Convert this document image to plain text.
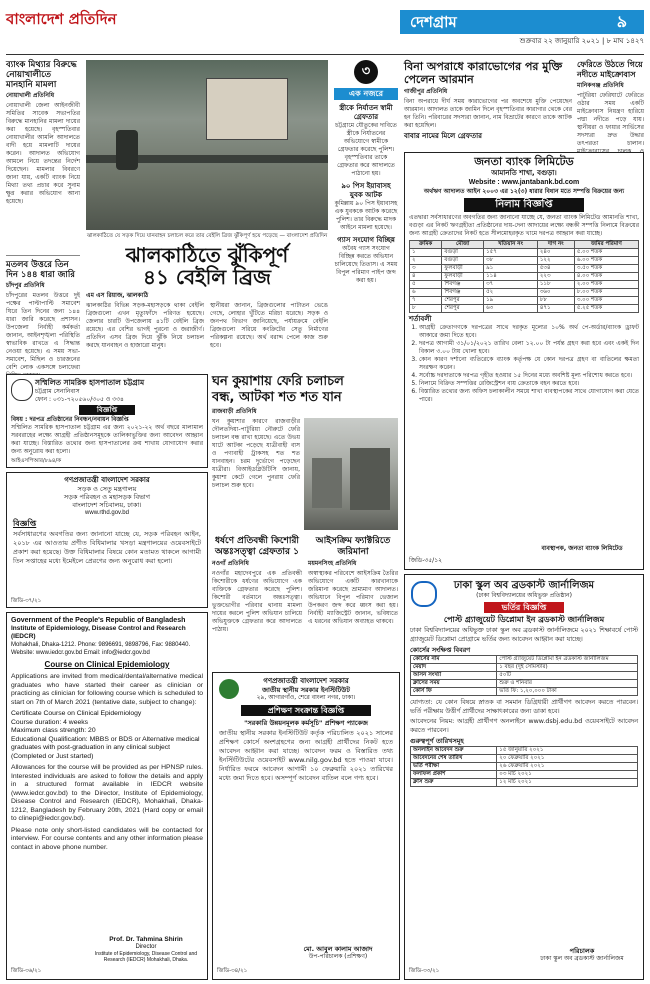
বাংলাদেশ প্রতিদিন	দেশগ্রাম	৯
শুক্রবার ২২ জানুয়ারি ২০২১ | ৮ মাঘ ১৪২৭
ব্যাংক মিথ্যার বিরুদ্ধে নোয়াখালীতে মানহানি মামলা
নোয়াখালী প্রতিনিধি
নোয়াখালী জেলা আইনজীবী সমিতির সাবেক সভাপতির বিরুদ্ধে মানহানির মামলা দায়ের করা হয়েছে। বৃহস্পতিবার নোয়াখালীর আমলি আদালতে বাদী হয়ে মামলাটি দায়ের করেন। আদালত অভিযোগ আমলে নিয়ে তদন্তের নির্দেশ দিয়েছেন। মামলার বিবরণে জানা যায়, একটি ব্যাংক নিয়ে মিথ্যা তথ্য প্রচার করে সুনাম ক্ষুণ্ণ করার অভিযোগ আনা হয়েছে।
মতলব উত্তরে তিন দিন ১৪৪ ধারা জারি
চাঁদপুর প্রতিনিধি
চাঁদপুরের মতলব উত্তরে দুই পক্ষের পাল্টাপাল্টি সমাবেশ ঘিরে তিন দিনের জন্য ১৪৪ ধারা জারি করেছে প্রশাসন। উপজেলা নির্বাহী কর্মকর্তা জানান, আইনশৃঙ্খলা পরিস্থিতি স্বাভাবিক রাখতে এ সিদ্ধান্ত নেওয়া হয়েছে। এ সময় সভা-সমাবেশ, মিছিল ও চারজনের বেশি লোক একসঙ্গে চলাফেরা
ঝালকাঠিতে যে সড়ক দিয়ে যানবাহন চলাচল করে তার বেইলি ব্রিজ ঝুঁকিপূর্ণ হয়ে পড়েছে — বাংলাদেশ প্রতিদিন
ঝালকাঠিতে ঝুঁকিপূর্ণ
৪১ বেইলি ব্রিজ
এম এস রিয়াজ, ঝালকাঠি
ঝালকাঠির বিভিন্ন সড়ক-মহাসড়কে থাকা বেইলি ব্রিজগুলো এখন মৃত্যুফাঁদে পরিণত হয়েছে। জেলার চারটি উপজেলায় ৪১টি বেইলি ব্রিজ রয়েছে। এর বেশির ভাগই পুরনো ও জরাজীর্ণ। প্রতিদিন এসব ব্রিজ দিয়ে ঝুঁকি নিয়ে চলাচল করছে যানবাহন ও হাজারো মানুষ।
স্থানীয়রা জানান, ব্রিজগুলোর পাটাতন ভেঙে গেছে, লোহার খুঁটিতে মরিচা ধরেছে। সড়ক ও জনপথ বিভাগ জানিয়েছে, পর্যায়ক্রমে বেইলি ব্রিজগুলো সরিয়ে কংক্রিটের সেতু নির্মাণের পরিকল্পনা রয়েছে। অর্থ বরাদ্দ পেলে কাজ শুরু হবে।
৩
এক নজরে
স্ত্রীকে নির্যাতন স্বামী গ্রেফতার
চট্টগ্রামে যৌতুকের দাবিতে স্ত্রীকে নির্যাতনের অভিযোগে স্বামীকে গ্রেফতার করেছে পুলিশ। বৃহস্পতিবার তাকে গ্রেফতার করে আদালতে পাঠানো হয়।
৯০ পিস ইয়াবাসহ যুবক আটক
কুমিল্লায় ৯০ পিস ইয়াবাসহ এক যুবককে আটক করেছে পুলিশ। তার বিরুদ্ধে মাদক আইনে মামলা হয়েছে।
গ্যাস সংযোগ বিচ্ছিন্ন
অবৈধ গ্যাস সংযোগ বিচ্ছিন্ন করতে অভিযান চালিয়েছে তিতাস। এ সময় বিপুল পরিমাণ পাইপ জব্দ করা হয়।
বিনা অপরাধে কারাভোগের পর মুক্তি পেলেন আরমান
গাজীপুর প্রতিনিধি
বিনা অপরাধে দীর্ঘ সময় কারাভোগের পর অবশেষে মুক্তি পেয়েছেন আরমান। আদালত তাকে জামিন দিলে বৃহস্পতিবার কারাগার থেকে বের হন তিনি। পরিবারের সদস্যরা জানান, নাম বিভ্রাটের কারণে তাকে আটক করা হয়েছিল।
বাবার নামের মিলে গ্রেফতার
ফেরিতে উঠতে গিয়ে নদীতে মাইক্রোবাস
মানিকগঞ্জ প্রতিনিধি
পাটুরিয়া ফেরিঘাটে ফেরিতে ওঠার সময় একটি মাইক্রোবাস নিয়ন্ত্রণ হারিয়ে পদ্মা নদীতে পড়ে যায়। স্থানীয়রা ও ফায়ার সার্ভিসের সদস্যরা দ্রুত উদ্ধার তৎপরতা চালান।
জনতা ব্যাংক লিমিটেড
আমানতি শাখা, বগুড়া।
Website : www.jantabank.bd.com
অর্থঋণ আদালত আইন ২০০৩ এর ১২(৩) ধারার বিধান মতে সম্পত্তি বিক্রয়ের জন্য
নিলাম বিজ্ঞপ্তি
এতদ্বারা সর্বসাধারণের অবগতির জন্য জানানো যাচ্ছে যে, জনতা ব্যাংক লিমিটেড আমানতি শাখা, বগুড়া এর নিকট ঋণগ্রহীতা প্রতিষ্ঠানের দায়-দেনা আদায়ের লক্ষ্যে বন্ধকী সম্পত্তি নিলামে বিক্রয়ের জন্য আগ্রহী ক্রেতাদের নিকট হতে সীলমোহরকৃত খামে দরপত্র আহ্বান করা যাচ্ছে।
ক্রমিক	মৌজা	খতিয়ান নং	দাগ নং	জমির পরিমাণ
১	বগুড়া	১৫৭	২৪০	৫.০০ শতক
২	বগুড়া	৩৮	১২২	৬.০০ শতক
৩	ফুলবাড়ী	৯১	৫৩৪	৩.৫০ শতক
৪	ফুলবাড়ী	১১৪	২২৩	৪.০০ শতক
৫	শিবগঞ্জ	৩৭	১১৮	২.০০ শতক
৬	শিবগঞ্জ	৫২	৩৬০	৮.০০ শতক
৭	শেরপুর	১৯	৮৮	৩.০০ শতক
৮	শেরপুর	৬৩	৪৭১	৫.২৫ শতক
শর্তাবলী
1. আগ্রহী ক্রেতাগণকে দরপত্রের সাথে দরকৃত মূল্যের ১০% অর্থ পে-অর্ডার/ব্যাংক ড্রাফট আকারে জমা দিতে হবে।
2. দরপত্র আগামী ৩১/০১/২০২১ তারিখ বেলা ১২.০০ টা পর্যন্ত গ্রহণ করা হবে এবং একই দিন বিকাল ৩.০০ টায় খোলা হবে।
3. কোন কারণ দর্শানো ব্যতিরেকে ব্যাংক কর্তৃপক্ষ যে কোন দরপত্র গ্রহণ বা বাতিলের ক্ষমতা সংরক্ষণ করেন।
4. সর্বোচ্চ দরদাতাকে দরপত্র গৃহীত হওয়ার ১৫ দিনের মধ্যে অবশিষ্ট মূল্য পরিশোধ করতে হবে।
5. নিলামে বিক্রিত সম্পত্তির রেজিস্ট্রেশন ব্যয় ক্রেতাকে বহন করতে হবে।
6. বিস্তারিত তথ্যের জন্য অফিস চলাকালীন সময়ে শাখা ব্যবস্থাপকের সাথে যোগাযোগ করা যেতে পারে।
ব্যবস্থাপক, জনতা ব্যাংক লিমিটেড
জিডি-৩৫/১২
সম্মিলিত সামরিক হাসপাতাল চট্টগ্রাম
চট্টগ্রাম সেনানিবাস
ফোন : ০৩১-৭২০৫৬০/৩০৫ ও ৩৩৪
বিজ্ঞপ্তি
বিষয় : দরপত্র প্রতিষ্ঠানের নিবন্ধন/নবায়ন বিজ্ঞপ্তি
সম্মিলিত সামরিক হাসপাতাল চট্টগ্রাম এর জন্য ২০২১-২২ অর্থ বছরে মালামাল সরবরাহের লক্ষ্যে আগ্রহী প্রতিষ্ঠানসমূহকে তালিকাভুক্তির জন্য আবেদন আহ্বান করা যাচ্ছে। বিস্তারিত তথ্যের জন্য হাসপাতালের ক্রয় শাখায় যোগাযোগ করার জন্য অনুরোধ করা হলো।
আইএসপিআর/৮৯৪/ক
ঘন কুয়াশায় ফেরি চলাচল
বন্ধ, আটকা শত শত যান
রাজবাড়ী প্রতিনিধি
ঘন কুয়াশার কারণে রাজবাড়ীর দৌলতদিয়া-পাটুরিয়া নৌরুটে ফেরি চলাচল বন্ধ রাখা হয়েছে। এতে উভয় ঘাটে আটকা পড়েছে যাত্রীবাহী বাস ও পণ্যবাহী ট্রাকসহ শত শত যানবাহন। চরম দুর্ভোগে পড়েছেন যাত্রীরা। বিআইডব্লিউটিসি জানায়, কুয়াশা কেটে গেলে পুনরায় ফেরি চলাচল শুরু হবে।
গণপ্রজাতন্ত্রী বাংলাদেশ সরকার
সড়ক ও সেতু মন্ত্রণালয়
সড়ক পরিবহন ও মহাসড়ক বিভাগ
বাংলাদেশ সচিবালয়, ঢাকা।
www.rthd.gov.bd
বিজ্ঞপ্তি
সর্বসাধারণের অবগতির জন্য জানানো যাচ্ছে যে, সড়ক পরিবহন আইন, ২০১৮ এর আওতায় প্রণীত বিধিমালার খসড়া মন্ত্রণালয়ের ওয়েবসাইটে প্রকাশ করা হয়েছে। উক্ত বিধিমালার বিষয়ে কোন মতামত থাকলে আগামী তিন সপ্তাহের মধ্যে ইমেইলে প্রেরণের জন্য অনুরোধ করা হলো।
জিডি-৩৭/২১
ধর্ষণে প্রতিবন্ধী কিশোরী অন্তঃসত্ত্বা গ্রেফতার ১
নওগাঁ প্রতিনিধি
নওগাঁর মহাদেবপুরে এক প্রতিবন্ধী কিশোরীকে ধর্ষণের অভিযোগে এক ব্যক্তিকে গ্রেফতার করেছে পুলিশ। কিশোরী বর্তমানে অন্তঃসত্ত্বা। ভুক্তভোগীর পরিবার থানায় মামলা দায়ের করলে পুলিশ অভিযান চালিয়ে অভিযুক্তকে গ্রেফতার করে আদালতে পাঠায়।
আইসক্রিম ফ্যাক্টরিতে জরিমানা
ময়মনসিংহ প্রতিনিধি
অস্বাস্থ্যকর পরিবেশে আইসক্রিম তৈরির অভিযোগে একটি কারখানাকে জরিমানা করেছে ভ্রাম্যমাণ আদালত। অভিযানে বিপুল পরিমাণ ভেজাল উপকরণ জব্দ করে ধ্বংস করা হয়। নির্বাহী ম্যাজিস্ট্রেট জানান, ভবিষ্যতে এ ধরনের অভিযান অব্যাহত থাকবে।
Government of the People's Republic of Bangladesh
Institute of Epidemiology, Disease Control and Research (IEDCR)
Mohakhali, Dhaka-1212. Phone: 9896691, 9898796, Fax: 9880440.
Website: www.iedcr.gov.bd Email: info@iedcr.gov.bd
Course on Clinical Epidemiology
Applications are invited from medical/dental/alternative medical graduates who have started their career as clinician or practicing as clinician for following course which is scheduled to start on 7th of March 2021 (tentative date, subject to change):
Certificate Course on Clinical Epidemiology
Course duration: 4 weeks
Maximum class strength: 20
Educational Qualification: MBBS or BDS or Alternative medical graduates with post-graduation in any clinical subject (Completed or Just started)
Allowances for the course will be provided as per HPNSP rules. Interested individuals are asked to follow the details and apply in a structured format available in IEDCR website (www.iedcr.gov.bd) to the Director, Institute of Epidemiology, Disease Control and Research (IEDCR), Mohakhali, Dhaka-1212, Bangladesh by February 20th, 2021 (Hard copy or email to clinepi@iedcr.gov.bd).
Please note only short-listed candidates will be contacted for interview. For course contents and any other information please contact in above phone number.
Prof. Dr. Tahmina Shirin
Director
Institute of Epidemiology, Disease Control and Research (IEDCR) Mohakhali, Dhaka.
জিডি-৩৬/২১
গণপ্রজাতন্ত্রী বাংলাদেশ সরকার
জাতীয় স্থানীয় সরকার ইনস্টিটিউট
২৯, আগারগাঁও, শেরে বাংলা নগর, ঢাকা।
প্রশিক্ষণ সংক্রান্ত বিজ্ঞপ্তি
"সরকারি উন্নয়নমূলক কর্মসূচি" প্রশিক্ষণ প্যাকেজ
জাতীয় স্থানীয় সরকার ইনস্টিটিউট কর্তৃক পরিচালিত ২০২১ সালের প্রশিক্ষণ কোর্সে অংশগ্রহণের জন্য আগ্রহী প্রার্থীদের নিকট হতে আবেদন আহ্বান করা যাচ্ছে। আবেদন ফরম ও বিস্তারিত তথ্য ইনস্টিটিউটের ওয়েবসাইট www.nilg.gov.bd হতে পাওয়া যাবে। নির্ধারিত ফরমে আবেদন আগামী ১০ ফেব্রুয়ারি ২০২১ তারিখের মধ্যে জমা দিতে হবে। অসম্পূর্ণ আবেদন বাতিল বলে গণ্য হবে।
মো. আবুল কালাম আজাদ
উপ-পরিচালক (প্রশিক্ষণ)
জিডি-৩৪/২১
ঢাকা স্কুল অব ব্রডকাস্ট জার্নালিজম
(ঢাকা বিশ্ববিদ্যালয়ের অধিভুক্ত প্রতিষ্ঠান)
ভর্তির বিজ্ঞপ্তি
পোস্ট গ্র্যাজুয়েট ডিপ্লোমা ইন ব্রডকাস্ট জার্নালিজম
ঢাকা বিশ্ববিদ্যালয়ের অধিভুক্ত ঢাকা স্কুল অব ব্রডকাস্ট জার্নালিজমে ২০২১ শিক্ষাবর্ষে পোস্ট গ্র্যাজুয়েট ডিপ্লোমা প্রোগ্রামে ভর্তির জন্য আবেদন আহ্বান করা যাচ্ছে।
কোর্সের সংক্ষিপ্ত বিবরণ
কোর্সের নাম	পোস্ট গ্র্যাজুয়েট ডিপ্লোমা ইন ব্রডকাস্ট জার্নালিজম
মেয়াদ	১ বছর (দুই সেমিস্টার)
আসন সংখ্যা	৫০টি
ক্লাসের সময়	শুক্র ও শনিবার
কোর্স ফি	ভর্তি ফি: ১,২০,০০০ টাকা
যোগ্যতা: যে কোন বিষয়ে স্নাতক বা সমমান ডিগ্রিধারী প্রার্থীগণ আবেদন করতে পারবেন। ভর্তি পরীক্ষায় উত্তীর্ণ প্রার্থীদের সাক্ষাৎকারের জন্য ডাকা হবে।
আবেদনের নিয়ম: আগ্রহী প্রার্থীগণ অনলাইনে www.dsbj.edu.bd ওয়েবসাইটে আবেদন করতে পারবেন।
গুরুত্বপূর্ণ তারিখসমূহ
অনলাইন আবেদন শুরু	১৫ জানুয়ারি ২০২১
আবেদনের শেষ তারিখ	২০ ফেব্রুয়ারি ২০২১
ভর্তি পরীক্ষা	২৬ ফেব্রুয়ারি ২০২১
ফলাফল প্রকাশ	০৩ মার্চ ২০২১
ক্লাস শুরু	১২ মার্চ ২০২১
পরিচালক
ঢাকা স্কুল অব ব্রডকাস্ট জার্নালিজম
জিডি-৩৩/২১
